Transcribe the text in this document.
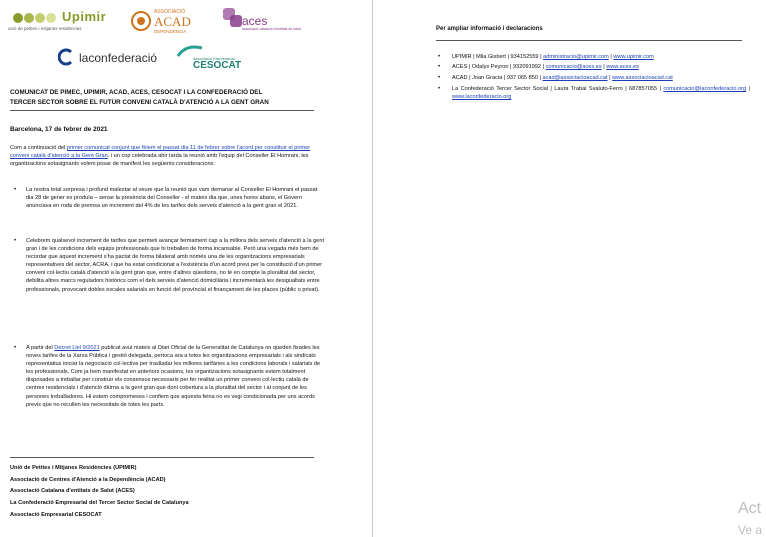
Upimir
unió de petites i mitjanes residències
ASSOCIACIÓ
ACAD
DEPENDÈNCIA
aces
associació catalana d'entitats de salut
laconfederació	Associació Empresarial
CESOCAT
COMUNICAT DE PIMEC, UPIMIR, ACAD, ACES, CESOCAT I LA CONFEDERACIÓ DEL
TERCER SECTOR SOBRE EL FUTUR CONVENI CATALÀ D'ATENCIÓ A LA GENT GRAN
Barcelona, 17 de febrer de 2021
Com a continuació del primer comunicat conjunt que fèiem el passat dia 11 de febrer sobre l'acord per constituir el primer conveni català d'atenció a la Gent Gran, i un cop celebrada ahir tarda la reunió amb l'equip del Conseller El Homrani, les organitzacions sotasignants volem posar de manifest les següents consideracions:
• La nostra total sorpresa i profund malestar al veure que la reunió que vam demanar al Conseller El Homrani el passat dia 28 de gener es produïa – sense la presència del Conseller - el mateix dia que, unes hores abans, el Govern anunciava en roda de premsa un increment del 4% de les tarifes dels serveis d'atenció a la gent gran el 2021.
• Celebrem qualsevol increment de tarifes que permeti avançar fermament cap a la millora dels serveis d'atenció a la gent gran i de les condicions dels equips professionals que hi treballen de forma incansable. Però una vegada més hem de recordar que aquest increment s'ha pactat de forma bilateral amb només una de les organitzacions empresarials representatives del sector, ACRA, i que ha estat condicionat a l'existència d'un acord previ per la constitució d'un primer conveni col·lectiu català d'atenció a la gent gran que, entre d'altres qüestions, no té en compte la pluralitat del sector, debilita altres marcs reguladors històrics com el dels serveis d'atenció domiciliària i incrementarà les desigualtats entre professionals, provocant dobles escales salarials en funció del províncial el finançament de les places (públic o privat).
• A partir del Decret Llei 9/2021 publicat avui mateix al Diari Oficial de la Generalitat de Catalunya on queden fixades les noves tarifes de la Xarxa Pública i gestió delegada, pertoca ara a totes les organitzacions empresarials i als sindicats representatius iniciar la negociació col·lectiva per traslladar les millores tarifàries a les condicions laborals i salarials de les professionals. Com ja hem manifestat en anteriors ocasions, les organitzacions sotasignants estem totalment disposades a treballar per construir els consensos necessaris per fer realitat un primer conveni col·lectiu català de centres residencials i d'atenció diürna a la gent gran que doni cobertura a la pluralitat del sector i al conjunt de les persones treballadores. Hi estem compromeses i confiem que aquesta feina no es vegi condicionada per uns acords previs que no recullen les necessitats de totes les parts.
Unió de Petites i Mitjanes Residències (UPIMIR)
Associació de Centres d'Atenció a la Dependència (ACAD)
Associació Catalana d'entitats de Salut (ACES)
La Confederació Empresarial del Tercer Sector Social de Catalunya
Associació Empresarial CESOCAT
Per ampliar informació i declaracions
• UPIMIR | Mila Gisbert | 934152559 | administracio@upimir.com | www.upimir.com
• ACES | Odalys Peyron | 932091992 | comunicacio@aces.es | www.aces.es
• ACAD | Joan Gracia | 937 065 850 | acad@associacioacad.cat | www.associacioacad.cat
• La Confederació Tercer Sector Social | Laura Trabal Svaluto-Ferro | 687857055 | comunicacio@laconfederacio.org | www.laconfederacio.org
Act
Ve a
